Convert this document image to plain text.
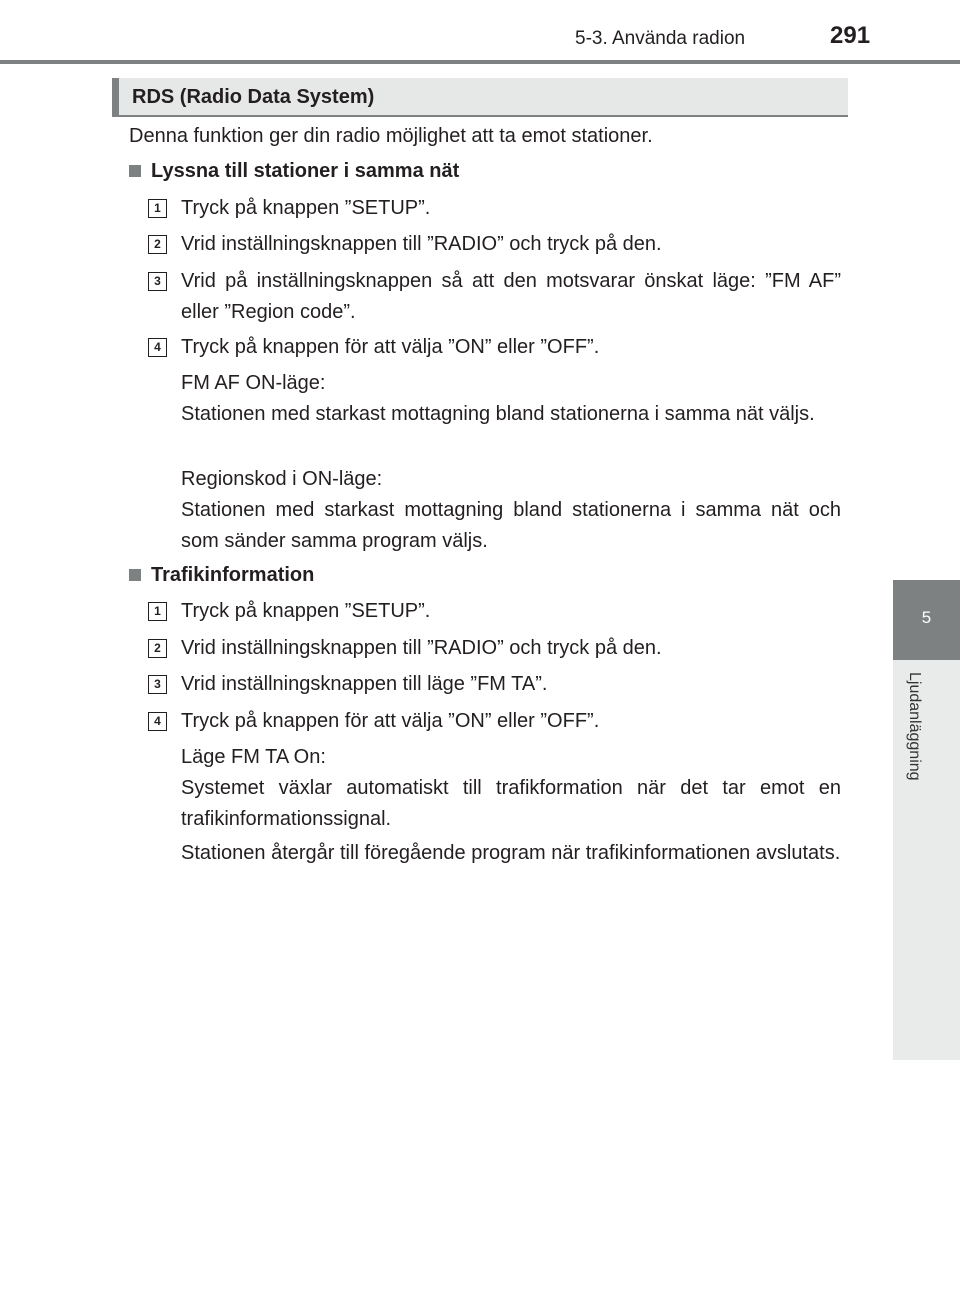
5-3. Använda radion	291
5
Ljudanläggning
RDS (Radio Data System)
Denna funktion ger din radio möjlighet att ta emot stationer.
Lyssna till stationer i samma nät
1	Tryck på knappen ”SETUP”.
2	Vrid inställningsknappen till ”RADIO” och tryck på den.
3	Vrid på inställningsknappen så att den motsvarar önskat läge: ”FM AF” eller ”Region code”.
4	Tryck på knappen för att välja ”ON” eller ”OFF”.
FM AF ON-läge:
Stationen med starkast mottagning bland stationerna i samma nät väljs.
Regionskod i ON-läge:
Stationen med starkast mottagning bland stationerna i samma nät och som sänder samma program väljs.
Trafikinformation
1	Tryck på knappen ”SETUP”.
2	Vrid inställningsknappen till ”RADIO” och tryck på den.
3	Vrid inställningsknappen till läge ”FM TA”.
4	Tryck på knappen för att välja ”ON” eller ”OFF”.
Läge FM TA On:
Systemet växlar automatiskt till trafikformation när det tar emot en trafikinformationssignal.
Stationen återgår till föregående program när trafikinformationen avslutats.
